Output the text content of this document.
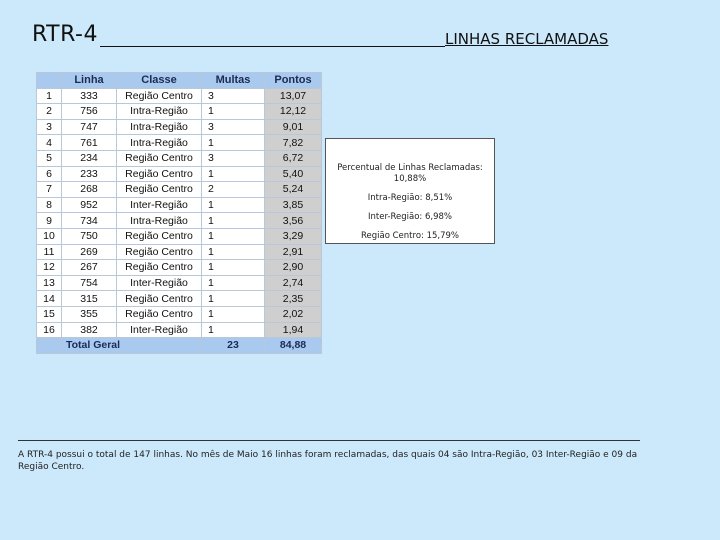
RTR-4	LINHAS RECLAMADAS
	Linha	Classe	Multas	Pontos
1	333	Região Centro	3	13,07
2	756	Intra-Região	1	12,12
3	747	Intra-Região	3	9,01
4	761	Intra-Região	1	7,82
5	234	Região Centro	3	6,72
6	233	Região Centro	1	5,40
7	268	Região Centro	2	5,24
8	952	Inter-Região	1	3,85
9	734	Intra-Região	1	3,56
10	750	Região Centro	1	3,29
11	269	Região Centro	1	2,91
12	267	Região Centro	1	2,90
13	754	Inter-Região	1	2,74
14	315	Região Centro	1	2,35
15	355	Região Centro	1	2,02
16	382	Inter-Região	1	1,94
	Total Geral		23	84,88
Percentual de Linhas Reclamadas:
10,88%
Intra-Região: 8,51%
Inter-Região: 6,98%
Região Centro: 15,79%
A RTR-4 possui o total de 147 linhas. No mês de Maio 16 linhas foram reclamadas, das quais 04 são Intra-Região, 03 Inter-Região e 09 da Região Centro.
